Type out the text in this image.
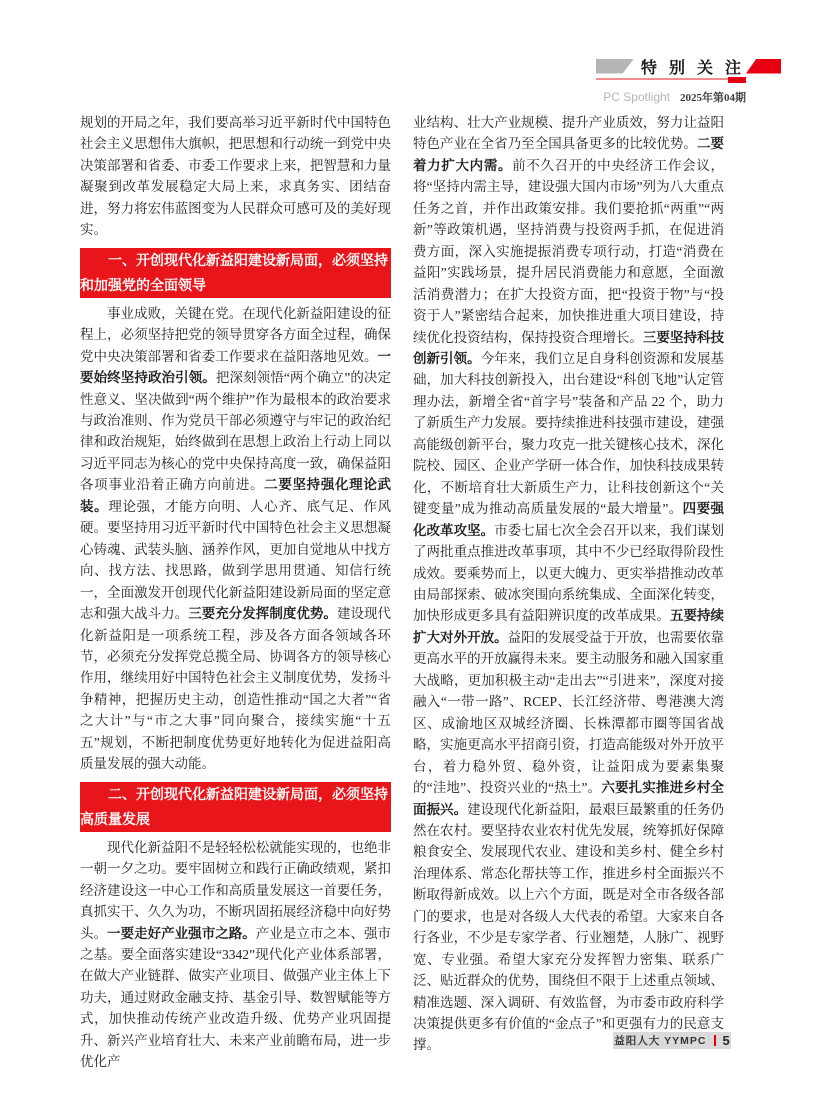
特 别 关 注
PC Spotlight 2025年第04期

规划的开局之年，我们要高举习近平新时代中国特色社会主义思想伟大旗帜，把思想和行动统一到党中央决策部署和省委、市委工作要求上来，把智慧和力量凝聚到改革发展稳定大局上来，求真务实、团结奋进，努力将宏伟蓝图变为人民群众可感可及的美好现实。

一、开创现代化新益阳建设新局面，必须坚持和加强党的全面领导

事业成败，关键在党。在现代化新益阳建设的征程上，必须坚持把党的领导贯穿各方面全过程，确保党中央决策部署和省委工作要求在益阳落地见效。一要始终坚持政治引领。把深刻领悟“两个确立”的决定性意义、坚决做到“两个维护”作为最根本的政治要求与政治准则、作为党员干部必须遵守与牢记的政治纪律和政治规矩，始终做到在思想上政治上行动上同以习近平同志为核心的党中央保持高度一致，确保益阳各项事业沿着正确方向前进。二要坚持强化理论武装。理论强，才能方向明、人心齐、底气足、作风硬。要坚持用习近平新时代中国特色社会主义思想凝心铸魂、武装头脑、涵养作风，更加自觉地从中找方向、找方法、找思路，做到学思用贯通、知信行统一，全面激发开创现代化新益阳建设新局面的坚定意志和强大战斗力。三要充分发挥制度优势。建设现代化新益阳是一项系统工程，涉及各方面各领域各环节，必须充分发挥党总揽全局、协调各方的领导核心作用，继续用好中国特色社会主义制度优势，发扬斗争精神，把握历史主动，创造性推动“国之大者”“省之大计”与“市之大事”同向聚合，接续实施“十五五”规划，不断把制度优势更好地转化为促进益阳高质量发展的强大动能。

二、开创现代化新益阳建设新局面，必须坚持高质量发展

现代化新益阳不是轻轻松松就能实现的，也绝非一朝一夕之功。要牢固树立和践行正确政绩观，紧扣经济建设这一中心工作和高质量发展这一首要任务，真抓实干、久久为功，不断巩固拓展经济稳中向好势头。一要走好产业强市之路。产业是立市之本、强市之基。要全面落实建设“3342”现代化产业体系部署，在做大产业链群、做实产业项目、做强产业主体上下功夫，通过财政金融支持、基金引导、数智赋能等方式，加快推动传统产业改造升级、优势产业巩固提升、新兴产业培育壮大、未来产业前瞻布局，进一步优化产

业结构、壮大产业规模、提升产业质效，努力让益阳特色产业在全省乃至全国具备更多的比较优势。二要着力扩大内需。前不久召开的中央经济工作会议，将“坚持内需主导，建设强大国内市场”列为八大重点任务之首，并作出政策安排。我们要抢抓“两重”“两新”等政策机遇，坚持消费与投资两手抓，在促进消费方面，深入实施提振消费专项行动，打造“消费在益阳”实践场景，提升居民消费能力和意愿，全面激活消费潜力；在扩大投资方面，把“投资于物”与“投资于人”紧密结合起来，加快推进重大项目建设，持续优化投资结构，保持投资合理增长。三要坚持科技创新引领。今年来，我们立足自身科创资源和发展基础，加大科技创新投入，出台建设“科创飞地”认定管理办法，新增全省“首字号”装备和产品 22 个，助力了新质生产力发展。要持续推进科技强市建设，建强高能级创新平台，聚力攻克一批关键核心技术，深化院校、园区、企业产学研一体合作，加快科技成果转化，不断培育壮大新质生产力，让科技创新这个“关键变量”成为推动高质量发展的“最大增量”。四要强化改革攻坚。市委七届七次全会召开以来，我们谋划了两批重点推进改革事项，其中不少已经取得阶段性成效。要乘势而上，以更大魄力、更实举措推动改革由局部探索、破冰突围向系统集成、全面深化转变，加快形成更多具有益阳辨识度的改革成果。五要持续扩大对外开放。益阳的发展受益于开放，也需要依靠更高水平的开放赢得未来。要主动服务和融入国家重大战略，更加积极主动“走出去”“引进来”，深度对接融入“一带一路”、RCEP、长江经济带、粤港澳大湾区、成渝地区双城经济圈、长株潭都市圈等国省战略，实施更高水平招商引资，打造高能级对外开放平台，着力稳外贸、稳外资，让益阳成为要素集聚的“洼地”、投资兴业的“热土”。六要扎实推进乡村全面振兴。建设现代化新益阳，最艰巨最繁重的任务仍然在农村。要坚持农业农村优先发展，统筹抓好保障粮食安全、发展现代农业、建设和美乡村、健全乡村治理体系、常态化帮扶等工作，推进乡村全面振兴不断取得新成效。以上六个方面，既是对全市各级各部门的要求，也是对各级人大代表的希望。大家来自各行各业，不少是专家学者、行业翘楚，人脉广、视野宽、专业强。希望大家充分发挥智力密集、联系广泛、贴近群众的优势，围绕但不限于上述重点领域、精准选题、深入调研、有效监督，为市委市政府科学决策提供更多有价值的“金点子”和更强有力的民意支撑。	益阳人大 YYMPC 5
